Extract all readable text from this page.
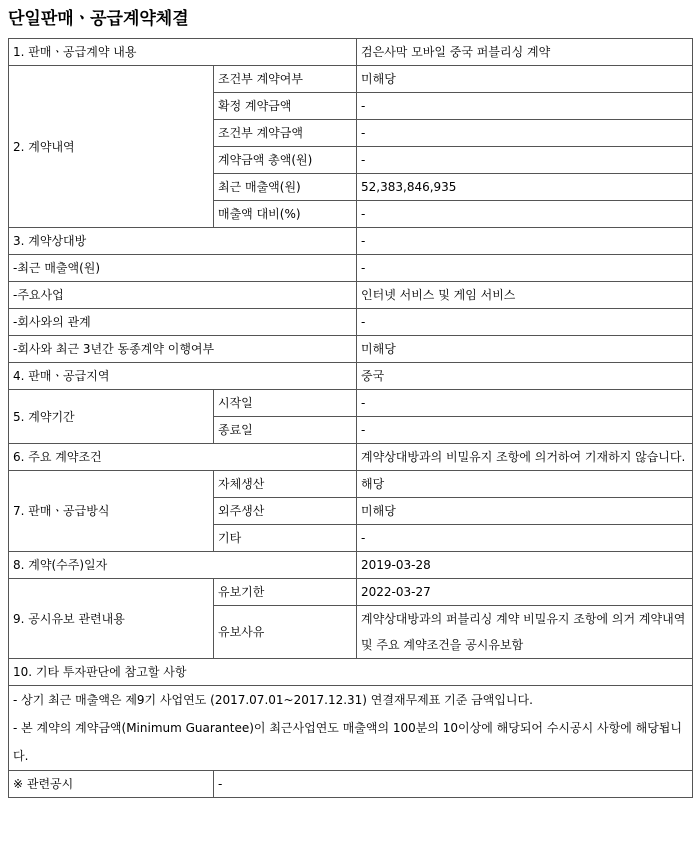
단일판매ㆍ공급계약체결
1. 판매ㆍ공급계약 내용		검은사막 모바일 중국 퍼블리싱 계약
2. 계약내역	조건부 계약여부	미해당
	확정 계약금액	-
	조건부 계약금액	-
	계약금액 총액(원)	-
	최근 매출액(원)	52,383,846,935
	매출액 대비(%)	-
3. 계약상대방		-
-최근 매출액(원)		-
-주요사업		인터넷 서비스 및 게임 서비스
-회사와의 관계		-
-회사와 최근 3년간 동종계약 이행여부		미해당
4. 판매ㆍ공급지역		중국
5. 계약기간	시작일	-
	종료일	-
6. 주요 계약조건		계약상대방과의 비밀유지 조항에 의거하여 기재하지 않습니다.
7. 판매ㆍ공급방식	자체생산	해당
	외주생산	미해당
	기타	-
8. 계약(수주)일자		2019-03-28
9. 공시유보 관련내용	유보기한	2022-03-27
	유보사유	계약상대방과의 퍼블리싱 계약 비밀유지 조항에 의거 계약내역 및 주요 계약조건을 공시유보함
10. 기타 투자판단에 참고할 사항		

- 상기 최근 매출액은 제9기 사업연도 (2017.07.01~2017.12.31) 연결재무제표 기준 금액입니다.
- 본 계약의 계약금액(Minimum Guarantee)이 최근사업연도 매출액의 100분의 10이상에 해당되어 수시공시 사항에 해당됩니다.		

※ 관련공시	-	
